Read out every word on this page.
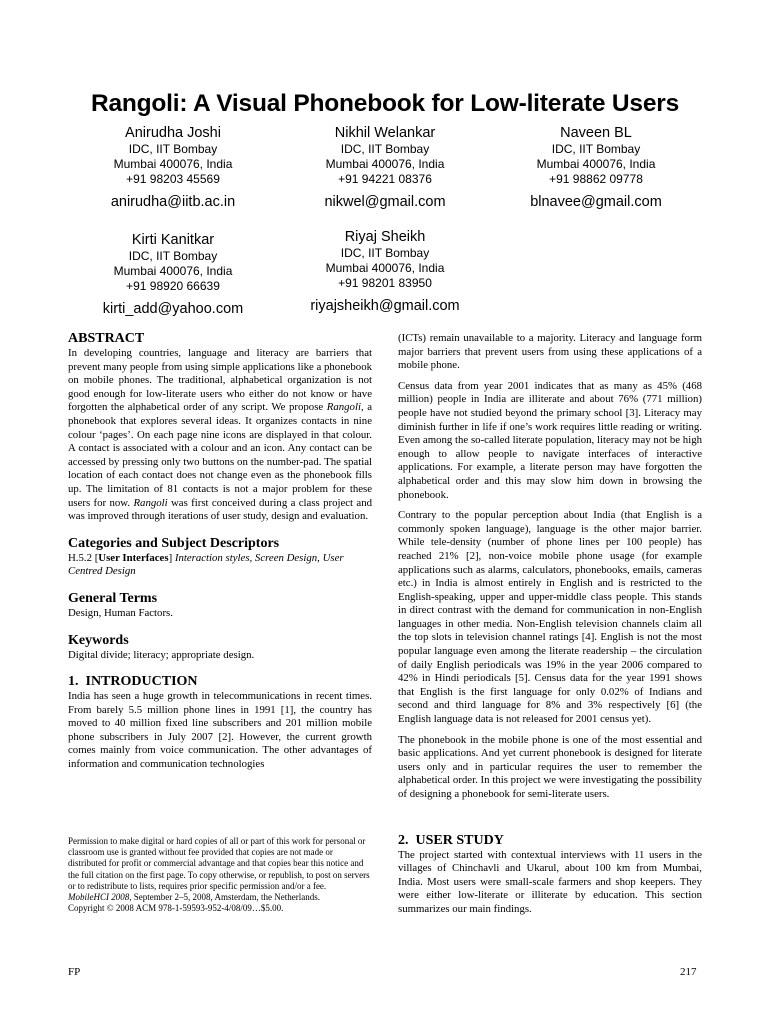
Rangoli: A Visual Phonebook for Low-literate Users
Anirudha Joshi
IDC, IIT Bombay
Mumbai 400076, India
+91 98203 45569
anirudha@iitb.ac.in
Nikhil Welankar
IDC, IIT Bombay
Mumbai 400076, India
+91 94221 08376
nikwel@gmail.com
Naveen BL
IDC, IIT Bombay
Mumbai 400076, India
+91 98862 09778
blnavee@gmail.com
Kirti Kanitkar
IDC, IIT Bombay
Mumbai 400076, India
+91 98920 66639
kirti_add@yahoo.com
Riyaj Sheikh
IDC, IIT Bombay
Mumbai 400076, India
+91 98201 83950
riyajsheikh@gmail.com
ABSTRACT

In developing countries, language and literacy are barriers that prevent many people from using simple applications like a phonebook on mobile phones. The traditional, alphabetical organization is not good enough for low-literate users who either do not know or have forgotten the alphabetical order of any script. We propose Rangoli, a phonebook that explores several ideas. It organizes contacts in nine colour ‘pages’. On each page nine icons are displayed in that colour. A contact is associated with a colour and an icon. Any contact can be accessed by pressing only two buttons on the number-pad. The spatial location of each contact does not change even as the phonebook fills up. The limitation of 81 contacts is not a major problem for these users for now. Rangoli was first conceived during a class project and was improved through iterations of user study, design and evaluation.

Categories and Subject Descriptors

H.5.2 [User Interfaces] Interaction styles, Screen Design, User Centred Design

General Terms

Design, Human Factors.

Keywords

Digital divide; literacy; appropriate design.

1.  INTRODUCTION

India has seen a huge growth in telecommunications in recent times. From barely 5.5 million phone lines in 1991 [1], the country has moved to 40 million fixed line subscribers and 201 million mobile phone subscribers in July 2007 [2]. However, the current growth comes mainly from voice communication. The other advantages of information and communication technologies

Permission to make digital or hard copies of all or part of this work for personal or classroom use is granted without fee provided that copies are not made or distributed for profit or commercial advantage and that copies bear this notice and the full citation on the first page. To copy otherwise, or republish, to post on servers or to redistribute to lists, requires prior specific permission and/or a fee.

MobileHCI 2008, September 2–5, 2008, Amsterdam, the Netherlands.

Copyright © 2008 ACM 978-1-59593-952-4/08/09…$5.00.

(ICTs) remain unavailable to a majority. Literacy and language form major barriers that prevent users from using these applications of a mobile phone.

Census data from year 2001 indicates that as many as 45% (468 million) people in India are illiterate and about 76% (771 million) people have not studied beyond the primary school [3]. Literacy may diminish further in life if one’s work requires little reading or writing. Even among the so-called literate population, literacy may not be high enough to allow people to navigate interfaces of interactive applications. For example, a literate person may have forgotten the alphabetical order and this may slow him down in browsing the phonebook.

Contrary to the popular perception about India (that English is a commonly spoken language), language is the other major barrier. While tele-density (number of phone lines per 100 people) has reached 21% [2], non-voice mobile phone usage (for example applications such as alarms, calculators, phonebooks, emails, cameras etc.) in India is almost entirely in English and is restricted to the English-speaking, upper and upper-middle class people. This stands in direct contrast with the demand for communication in non-English languages in other media. Non-English television channels claim all the top slots in television channel ratings [4]. English is not the most popular language even among the literate readership – the circulation of daily English periodicals was 19% in the year 2006 compared to 42% in Hindi periodicals [5]. Census data for the year 1991 shows that English is the first language for only 0.02% of Indians and second and third language for 8% and 3% respectively [6] (the English language data is not released for 2001 census yet).

The phonebook in the mobile phone is one of the most essential and basic applications. And yet current phonebook is designed for literate users only and in particular requires the user to remember the alphabetical order. In this project we were investigating the possibility of designing a phonebook for semi-literate users.

2.  USER STUDY

The project started with contextual interviews with 11 users in the villages of Chinchavli and Ukarul, about 100 km from Mumbai, India. Most users were small-scale farmers and shop keepers. They were either low-literate or illiterate by education. This section summarizes our main findings.

FP	217
